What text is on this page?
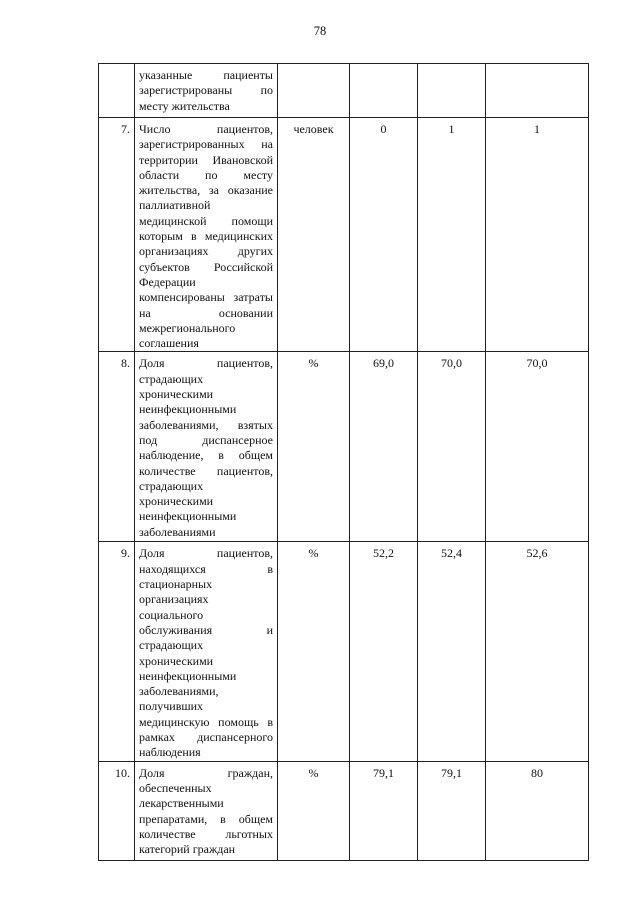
78
	указанные пациенты зарегистрированы по месту жительства				
7.	Число пациентов, зарегистрированных на территории Ивановской области по месту жительства, за оказание паллиативной медицинской помощи которым в медицинских организациях других субъектов Российской Федерации компенсированы затраты на основании межрегионального соглашения	человек	0	1	1
8.	Доля пациентов, страдающих хроническими неинфекционными заболеваниями, взятых под диспансерное наблюдение, в общем количестве пациентов, страдающих хроническими неинфекционными заболеваниями	%	69,0	70,0	70,0
9.	Доля пациентов, находящихся в стационарных организациях социального обслуживания и страдающих хроническими неинфекционными заболеваниями, получивших медицинскую помощь в рамках диспансерного наблюдения	%	52,2	52,4	52,6
10.	Доля граждан, обеспеченных лекарственными препаратами, в общем количестве льготных категорий граждан	%	79,1	79,1	80
